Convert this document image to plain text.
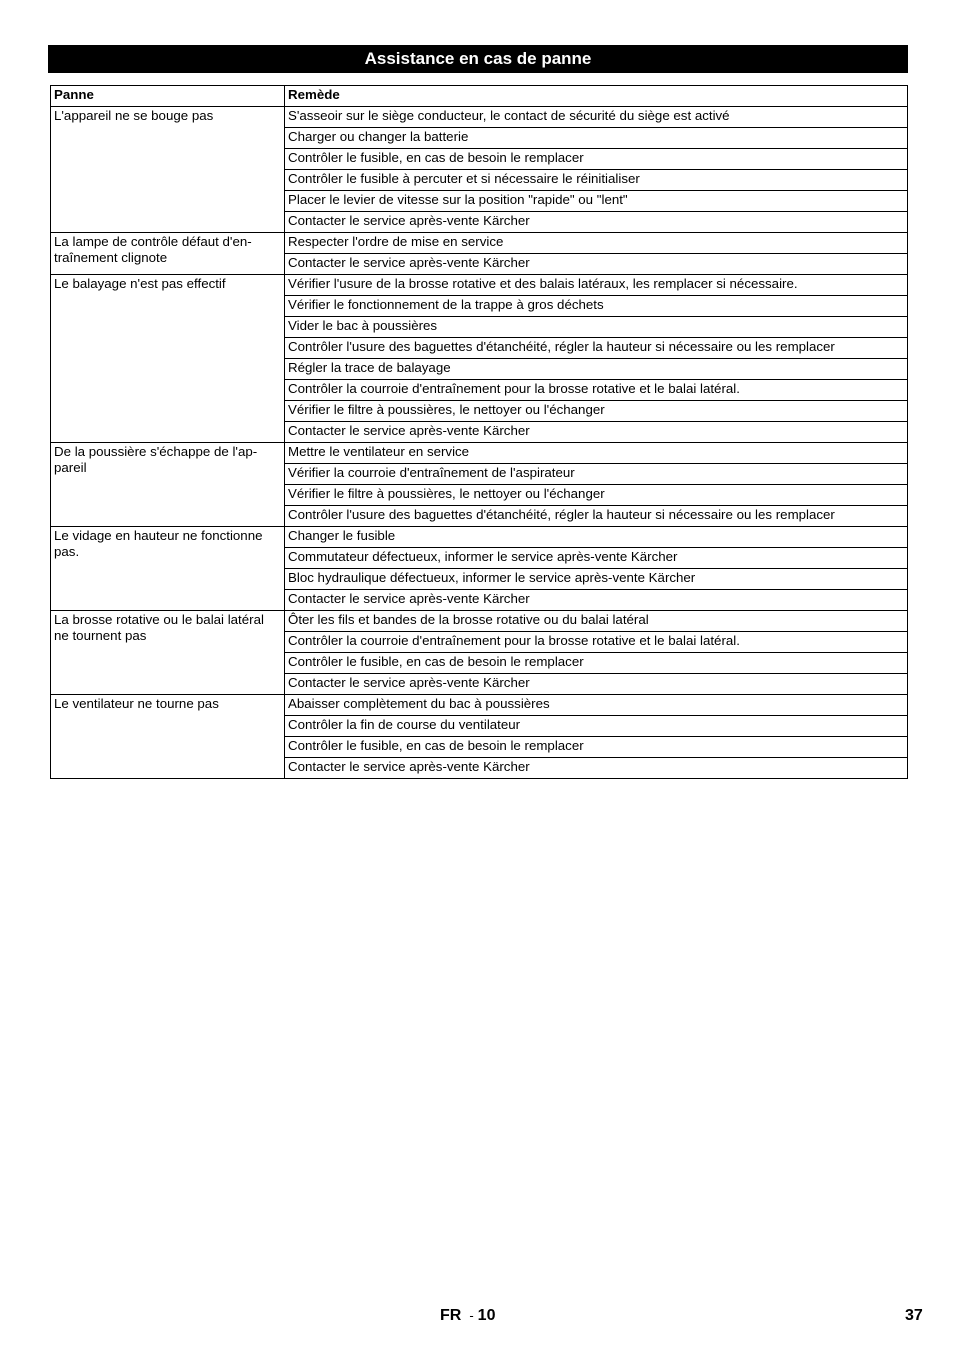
Assistance en cas de panne
Panne	Remède
L'appareil ne se bouge pas	S'asseoir sur le siège conducteur, le contact de sécurité du siège est activé
	Charger ou changer la batterie
	Contrôler le fusible, en cas de besoin le remplacer
	Contrôler le fusible à percuter et si nécessaire le réinitialiser
	Placer le levier de vitesse sur la position "rapide" ou "lent"
	Contacter le service après-vente Kärcher
La lampe de contrôle défaut d'en-traînement clignote	Respecter l'ordre de mise en service
	Contacter le service après-vente Kärcher
Le balayage n'est pas effectif	Vérifier l'usure de la brosse rotative et des balais latéraux, les remplacer si nécessaire.
	Vérifier le fonctionnement de la trappe à gros déchets
	Vider le bac à poussières
	Contrôler l'usure des baguettes d'étanchéité, régler la hauteur si nécessaire ou les remplacer
	Régler la trace de balayage
	Contrôler la courroie d'entraînement pour la brosse rotative et le balai latéral.
	Vérifier le filtre à poussières, le nettoyer ou l'échanger
	Contacter le service après-vente Kärcher
De la poussière s'échappe de l'ap-pareil	Mettre le ventilateur en service
	Vérifier la courroie d'entraînement de l'aspirateur
	Vérifier le filtre à poussières, le nettoyer ou l'échanger
	Contrôler l'usure des baguettes d'étanchéité, régler la hauteur si nécessaire ou les remplacer
Le vidage en hauteur ne fonctionne pas.	Changer le fusible
	Commutateur défectueux, informer le service après-vente Kärcher
	Bloc hydraulique défectueux, informer le service après-vente Kärcher
	Contacter le service après-vente Kärcher
La brosse rotative ou le balai latéral ne tournent pas	Ôter les fils et bandes de la brosse rotative ou du balai latéral
	Contrôler la courroie d'entraînement pour la brosse rotative et le balai latéral.
	Contrôler le fusible, en cas de besoin le remplacer
	Contacter le service après-vente Kärcher
Le ventilateur ne tourne pas	Abaisser complètement du bac à poussières
	Contrôler la fin de course du ventilateur
	Contrôler le fusible, en cas de besoin le remplacer
	Contacter le service après-vente Kärcher
FR - 10	37
